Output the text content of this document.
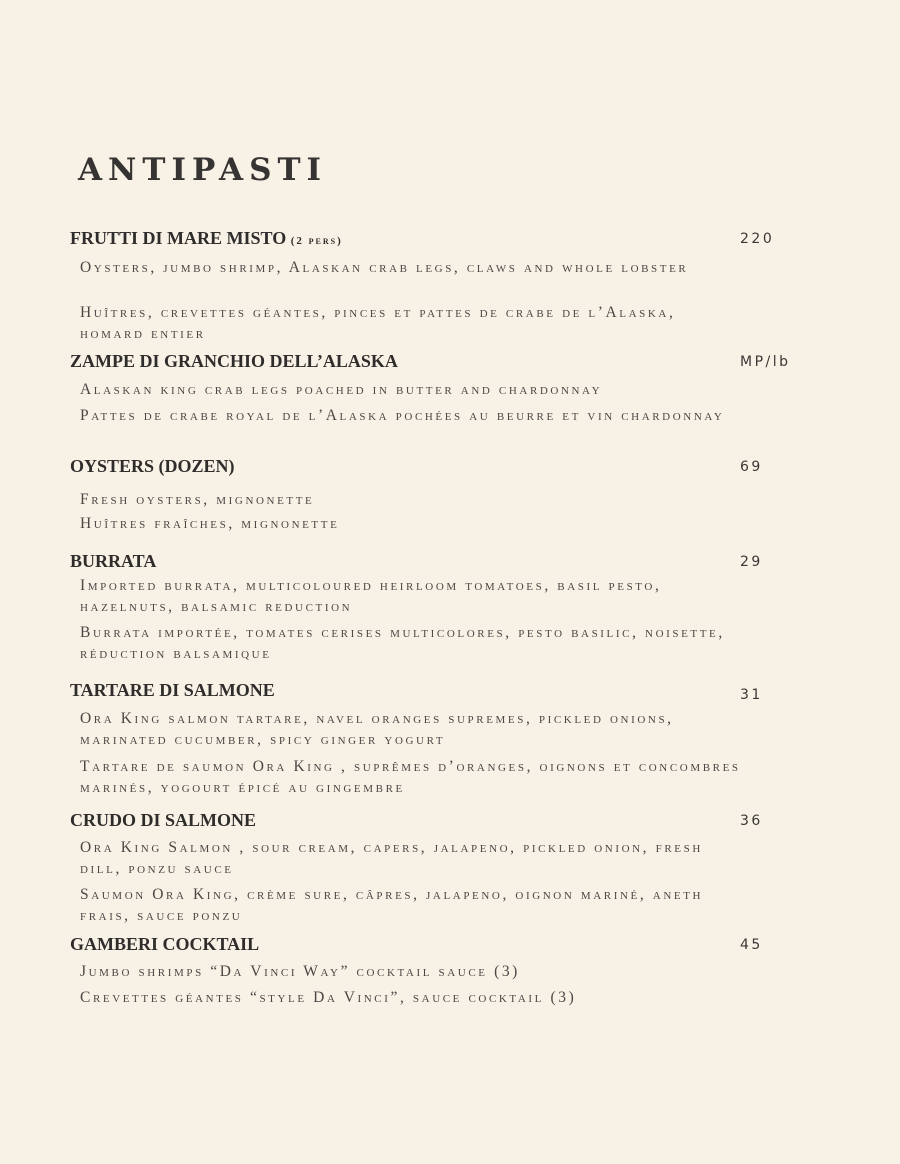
ANTIPASTI
FRUTTI DI MARE MISTO (2 pers)	220

Oysters, jumbo shrimp, Alaskan crab legs, claws and whole lobster

Huîtres, crevettes géantes, pinces et pattes de crabe de l’Alaska, homard entier

ZAMPE DI GRANCHIO DELL’ALASKA	MP/lb

Alaskan king crab legs poached in butter and chardonnay

Pattes de crabe royal de l’Alaska pochées au beurre et vin chardonnay

OYSTERS (DOZEN)	69

Fresh oysters, mignonette

Huîtres fraîches, mignonette

BURRATA	29

Imported burrata, multicoloured heirloom tomatoes, basil pesto, hazelnuts, balsamic reduction

Burrata importée, tomates cerises multicolores, pesto basilic, noisette, réduction balsamique

TARTARE DI SALMONE	31

Ora King salmon tartare, navel oranges supremes, pickled onions, marinated cucumber, spicy ginger yogurt

Tartare de saumon Ora King , suprêmes d’oranges, oignons et concombres marinés, yogourt épicé au gingembre

CRUDO DI SALMONE	36

Ora King Salmon , sour cream, capers, jalapeno, pickled onion, fresh dill, ponzu sauce

Saumon Ora King, crème sure, câpres, jalapeno, oignon mariné, aneth frais, sauce ponzu

GAMBERI COCKTAIL	45

Jumbo shrimps “Da Vinci Way” cocktail sauce (3)

Crevettes géantes “style Da Vinci”, sauce cocktail (3)
